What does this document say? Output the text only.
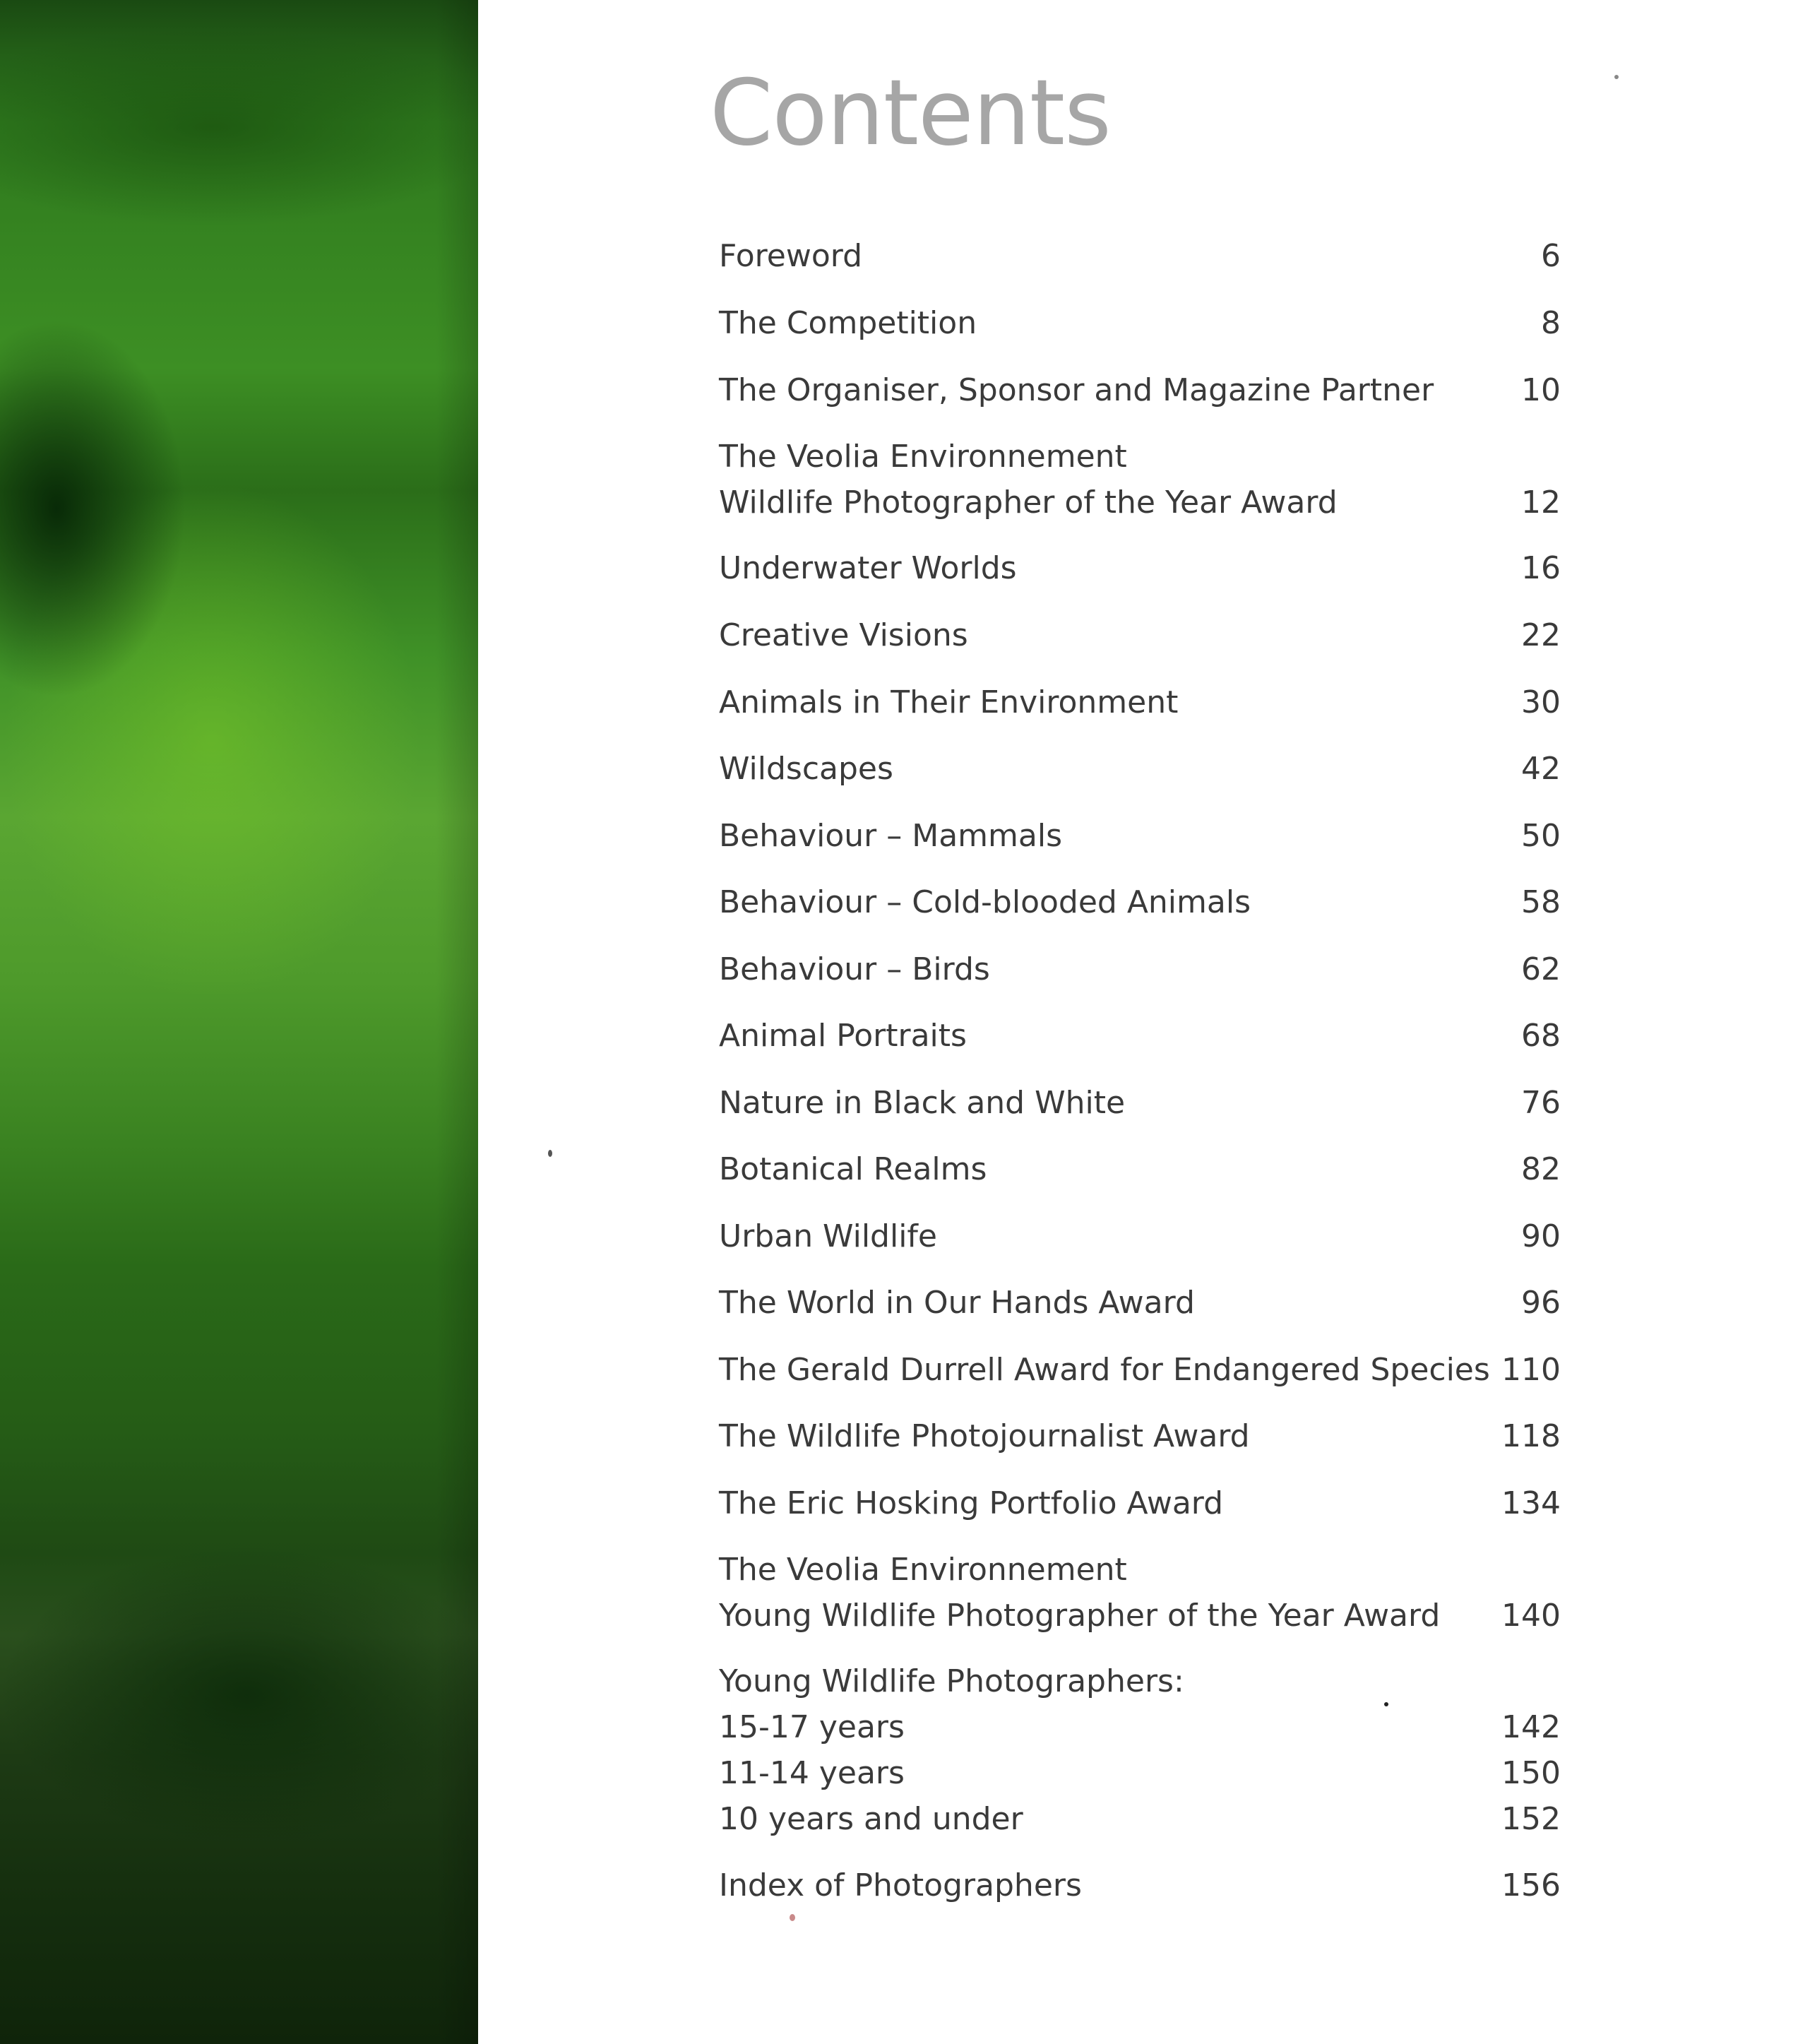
Contents
Foreword	6
The Competition	8
The Organiser, Sponsor and Magazine Partner	10
The Veolia Environnement
Wildlife Photographer of the Year Award	12
Underwater Worlds	16
Creative Visions	22
Animals in Their Environment	30
Wildscapes	42
Behaviour – Mammals	50
Behaviour – Cold-blooded Animals	58
Behaviour – Birds	62
Animal Portraits	68
Nature in Black and White	76
Botanical Realms	82
Urban Wildlife	90
The World in Our Hands Award	96
The Gerald Durrell Award for Endangered Species 110
The Wildlife Photojournalist Award	118
The Eric Hosking Portfolio Award	134
The Veolia Environnement
Young Wildlife Photographer of the Year Award 140
Young Wildlife Photographers:
15-17 years	142
11-14 years	150
10 years and under	152
Index of Photographers	156
